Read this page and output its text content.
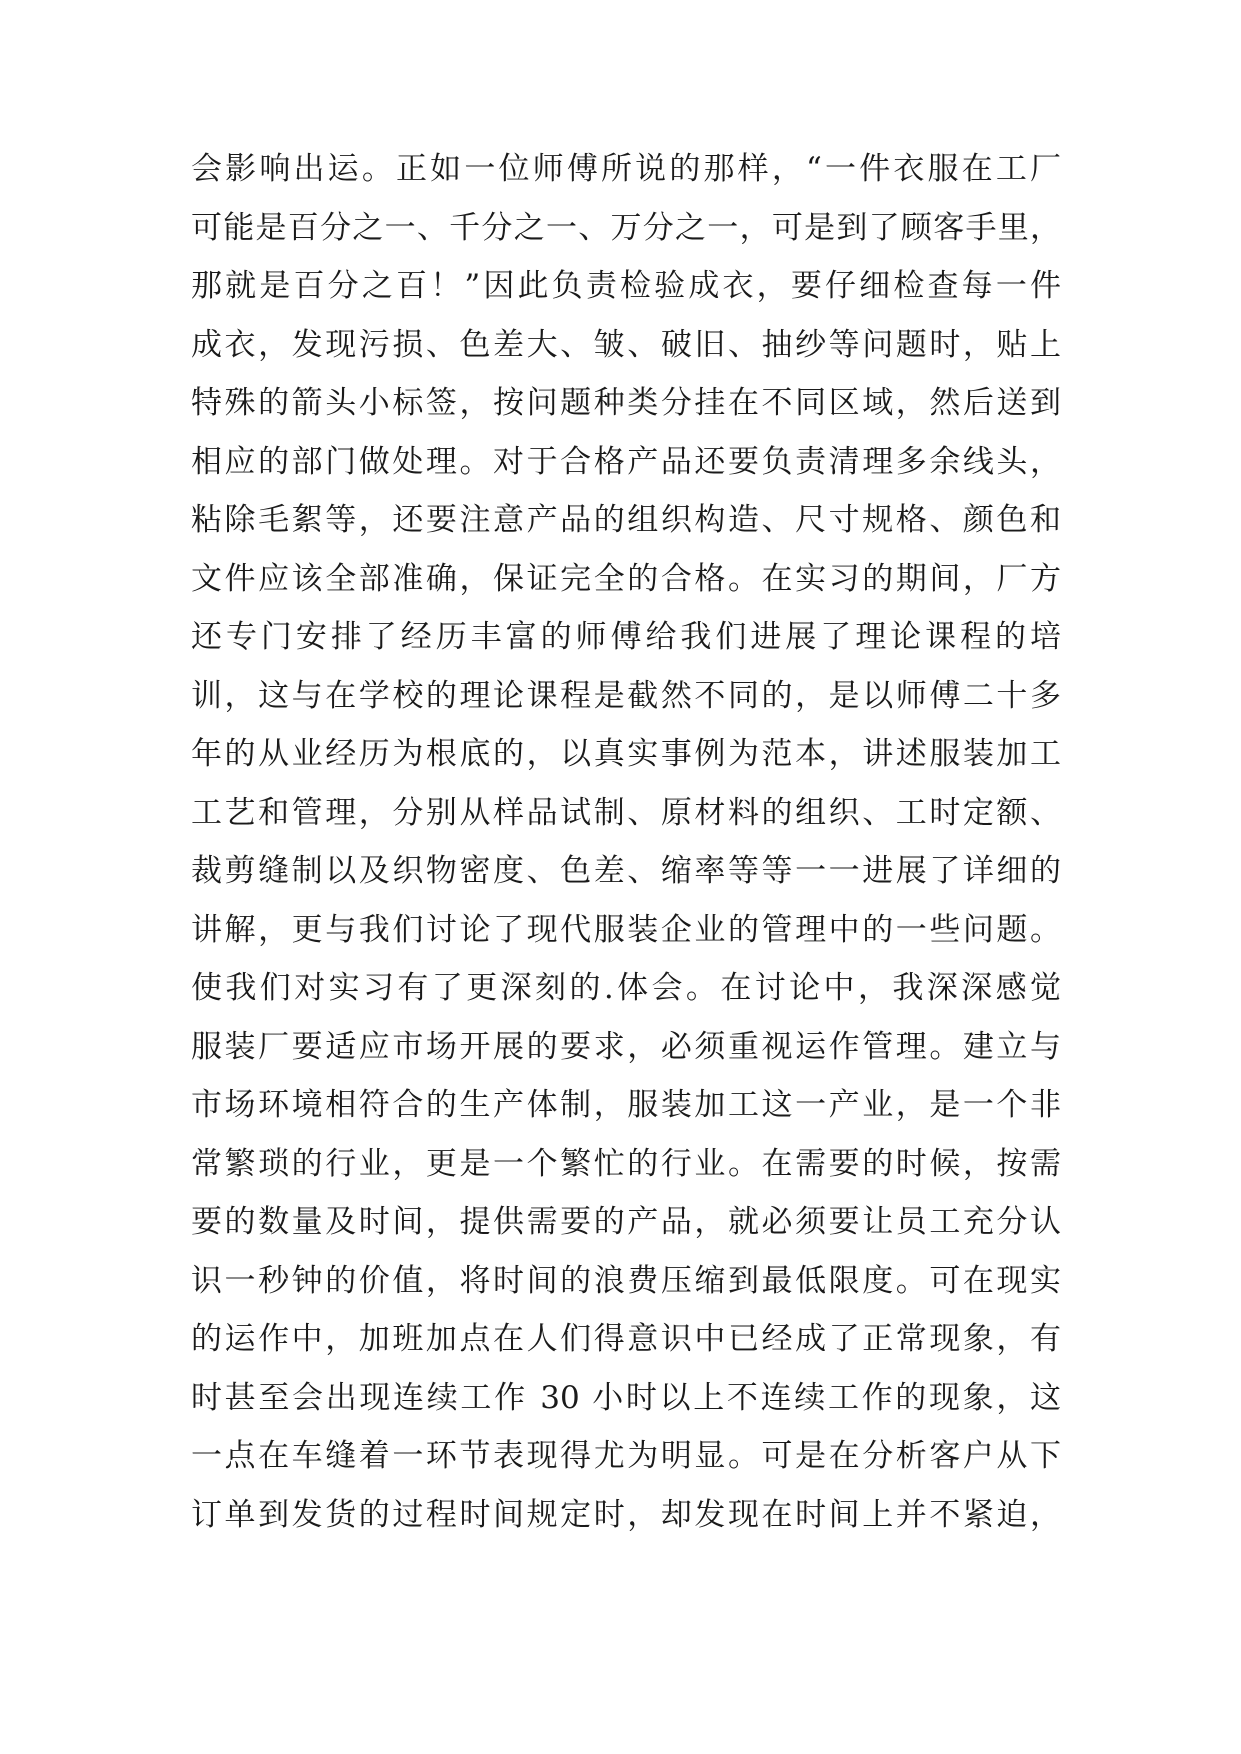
会影响出运。正如一位师傅所说的那样，“一件衣服在工厂
可能是百分之一、千分之一、万分之一，可是到了顾客手里，
那就是百分之百！”因此负责检验成衣，要仔细检查每一件
成衣，发现污损、色差大、皱、破旧、抽纱等问题时，贴上
特殊的箭头小标签，按问题种类分挂在不同区域，然后送到
相应的部门做处理。对于合格产品还要负责清理多余线头，
粘除毛絮等，还要注意产品的组织构造、尺寸规格、颜色和
文件应该全部准确，保证完全的合格。在实习的期间，厂方
还专门安排了经历丰富的师傅给我们进展了理论课程的培
训，这与在学校的理论课程是截然不同的，是以师傅二十多
年的从业经历为根底的，以真实事例为范本，讲述服装加工
工艺和管理，分别从样品试制、原材料的组织、工时定额、
裁剪缝制以及织物密度、色差、缩率等等一一进展了详细的
讲解，更与我们讨论了现代服装企业的管理中的一些问题。
使我们对实习有了更深刻的.体会。在讨论中，我深深感觉
服装厂要适应市场开展的要求，必须重视运作管理。建立与
市场环境相符合的生产体制，服装加工这一产业，是一个非
常繁琐的行业，更是一个繁忙的行业。在需要的时候，按需
要的数量及时间，提供需要的产品，就必须要让员工充分认
识一秒钟的价值，将时间的浪费压缩到最低限度。可在现实
的运作中，加班加点在人们得意识中已经成了正常现象，有
时甚至会出现连续工作 30 小时以上不连续工作的现象，这
一点在车缝着一环节表现得尤为明显。可是在分析客户从下
订单到发货的过程时间规定时，却发现在时间上并不紧迫，
